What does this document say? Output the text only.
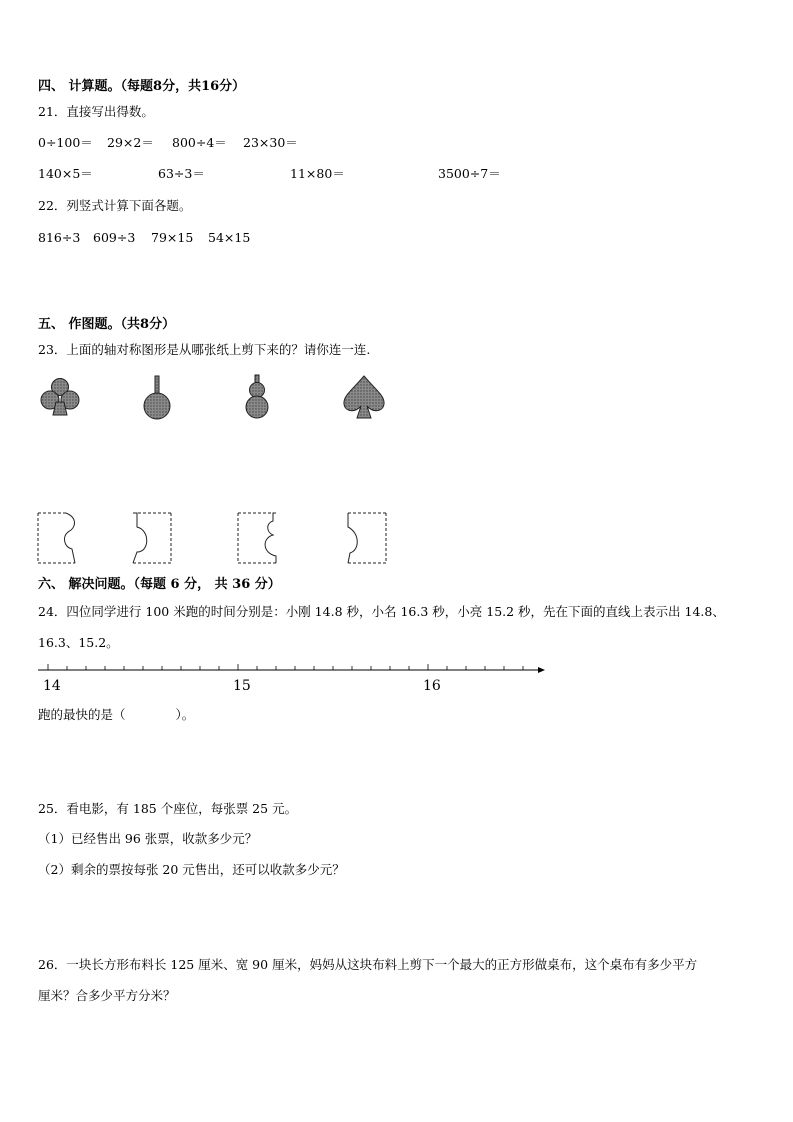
四、 计算题。（每题8分，共16分）
21．直接写出得数。
0÷100＝ 29×2＝ 800÷4＝ 23×30＝
140×5＝	63÷3＝	11×80＝	3500÷7＝
22．列竖式计算下面各题。
816÷3 609÷3 79×15 54×15
五、 作图题。（共8分）
23．上面的轴对称图形是从哪张纸上剪下来的？请你连一连.
六、 解决问题。（每题 6 分， 共 36 分）
24．四位同学进行 100 米跑的时间分别是：小刚 14.8 秒，小名 16.3 秒，小亮 15.2 秒，先在下面的直线上表示出 14.8、
16.3、15.2。
14	15	16
跑的最快的是（　　　　）。
25．看电影，有 185 个座位，每张票 25 元。
（1）已经售出 96 张票，收款多少元？
（2）剩余的票按每张 20 元售出，还可以收款多少元？
26．一块长方形布料长 125 厘米、宽 90 厘米，妈妈从这块布料上剪下一个最大的正方形做桌布，这个桌布有多少平方
厘米？合多少平方分米？
